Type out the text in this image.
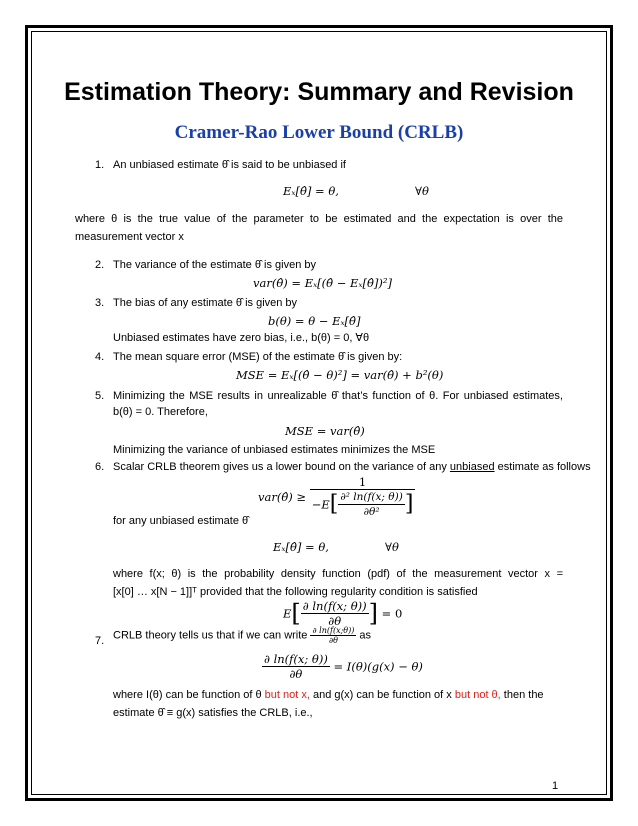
Estimation Theory: Summary and Revision
Cramer-Rao Lower Bound (CRLB)
1. An unbiased estimate θ̂ is said to be unbiased if
Eₓ[θ̂] = θ,	∀θ
where θ is the true value of the parameter to be estimated and the expectation is over the
measurement vector x
2. The variance of the estimate θ̂ is given by
var(θ̂) = Eₓ[(θ̂ − Eₓ[θ̂])²]
3. The bias of any estimate θ̂ is given by
b(θ) = θ − Eₓ[θ̂]
Unbiased estimates have zero bias, i.e., b(θ) = 0, ∀θ
4. The mean square error (MSE) of the estimate θ̂ is given by:
MSE = Eₓ[(θ̂ − θ)²] = var(θ̂) + b²(θ)
5. Minimizing the MSE results in unrealizable θ̂ that’s function of θ. For unbiased estimates,
b(θ) = 0. Therefore,
MSE = var(θ̂)
Minimizing the variance of unbiased estimates minimizes the MSE
6. Scalar CRLB theorem gives us a lower bound on the variance of any unbiased estimate as follows
var(θ̂) ≥ $\frac{1}{-E[ \frac{\text{∂² ln(f(x; θ))}}{\text{∂θ²}} ]}$
for any unbiased estimate θ̂
Eₓ[θ̂] = θ,	∀θ
where f(x; θ) is the probability density function (pdf) of the measurement vector x =
[x[0] … x[N − 1]]ᵀ provided that the following regularity condition is satisfied
$E[ \frac{\partial \ln(f(x; \theta))}{\partial\theta}$ ] = 0
7. CRLB theory tells us that if we can write $\frac{\partial \ln(f(x;\theta))}{\partial\theta}$ as
$\frac{\partial \ln(f(x; \theta))}{\partial\theta} = I(\theta)(g(x) - \theta)$
where I(θ) can be function of θ but not x, and g(x) can be function of x but not θ, then the
estimate θ̂ ≡ g(x) satisfies the CRLB, i.e.,
1
